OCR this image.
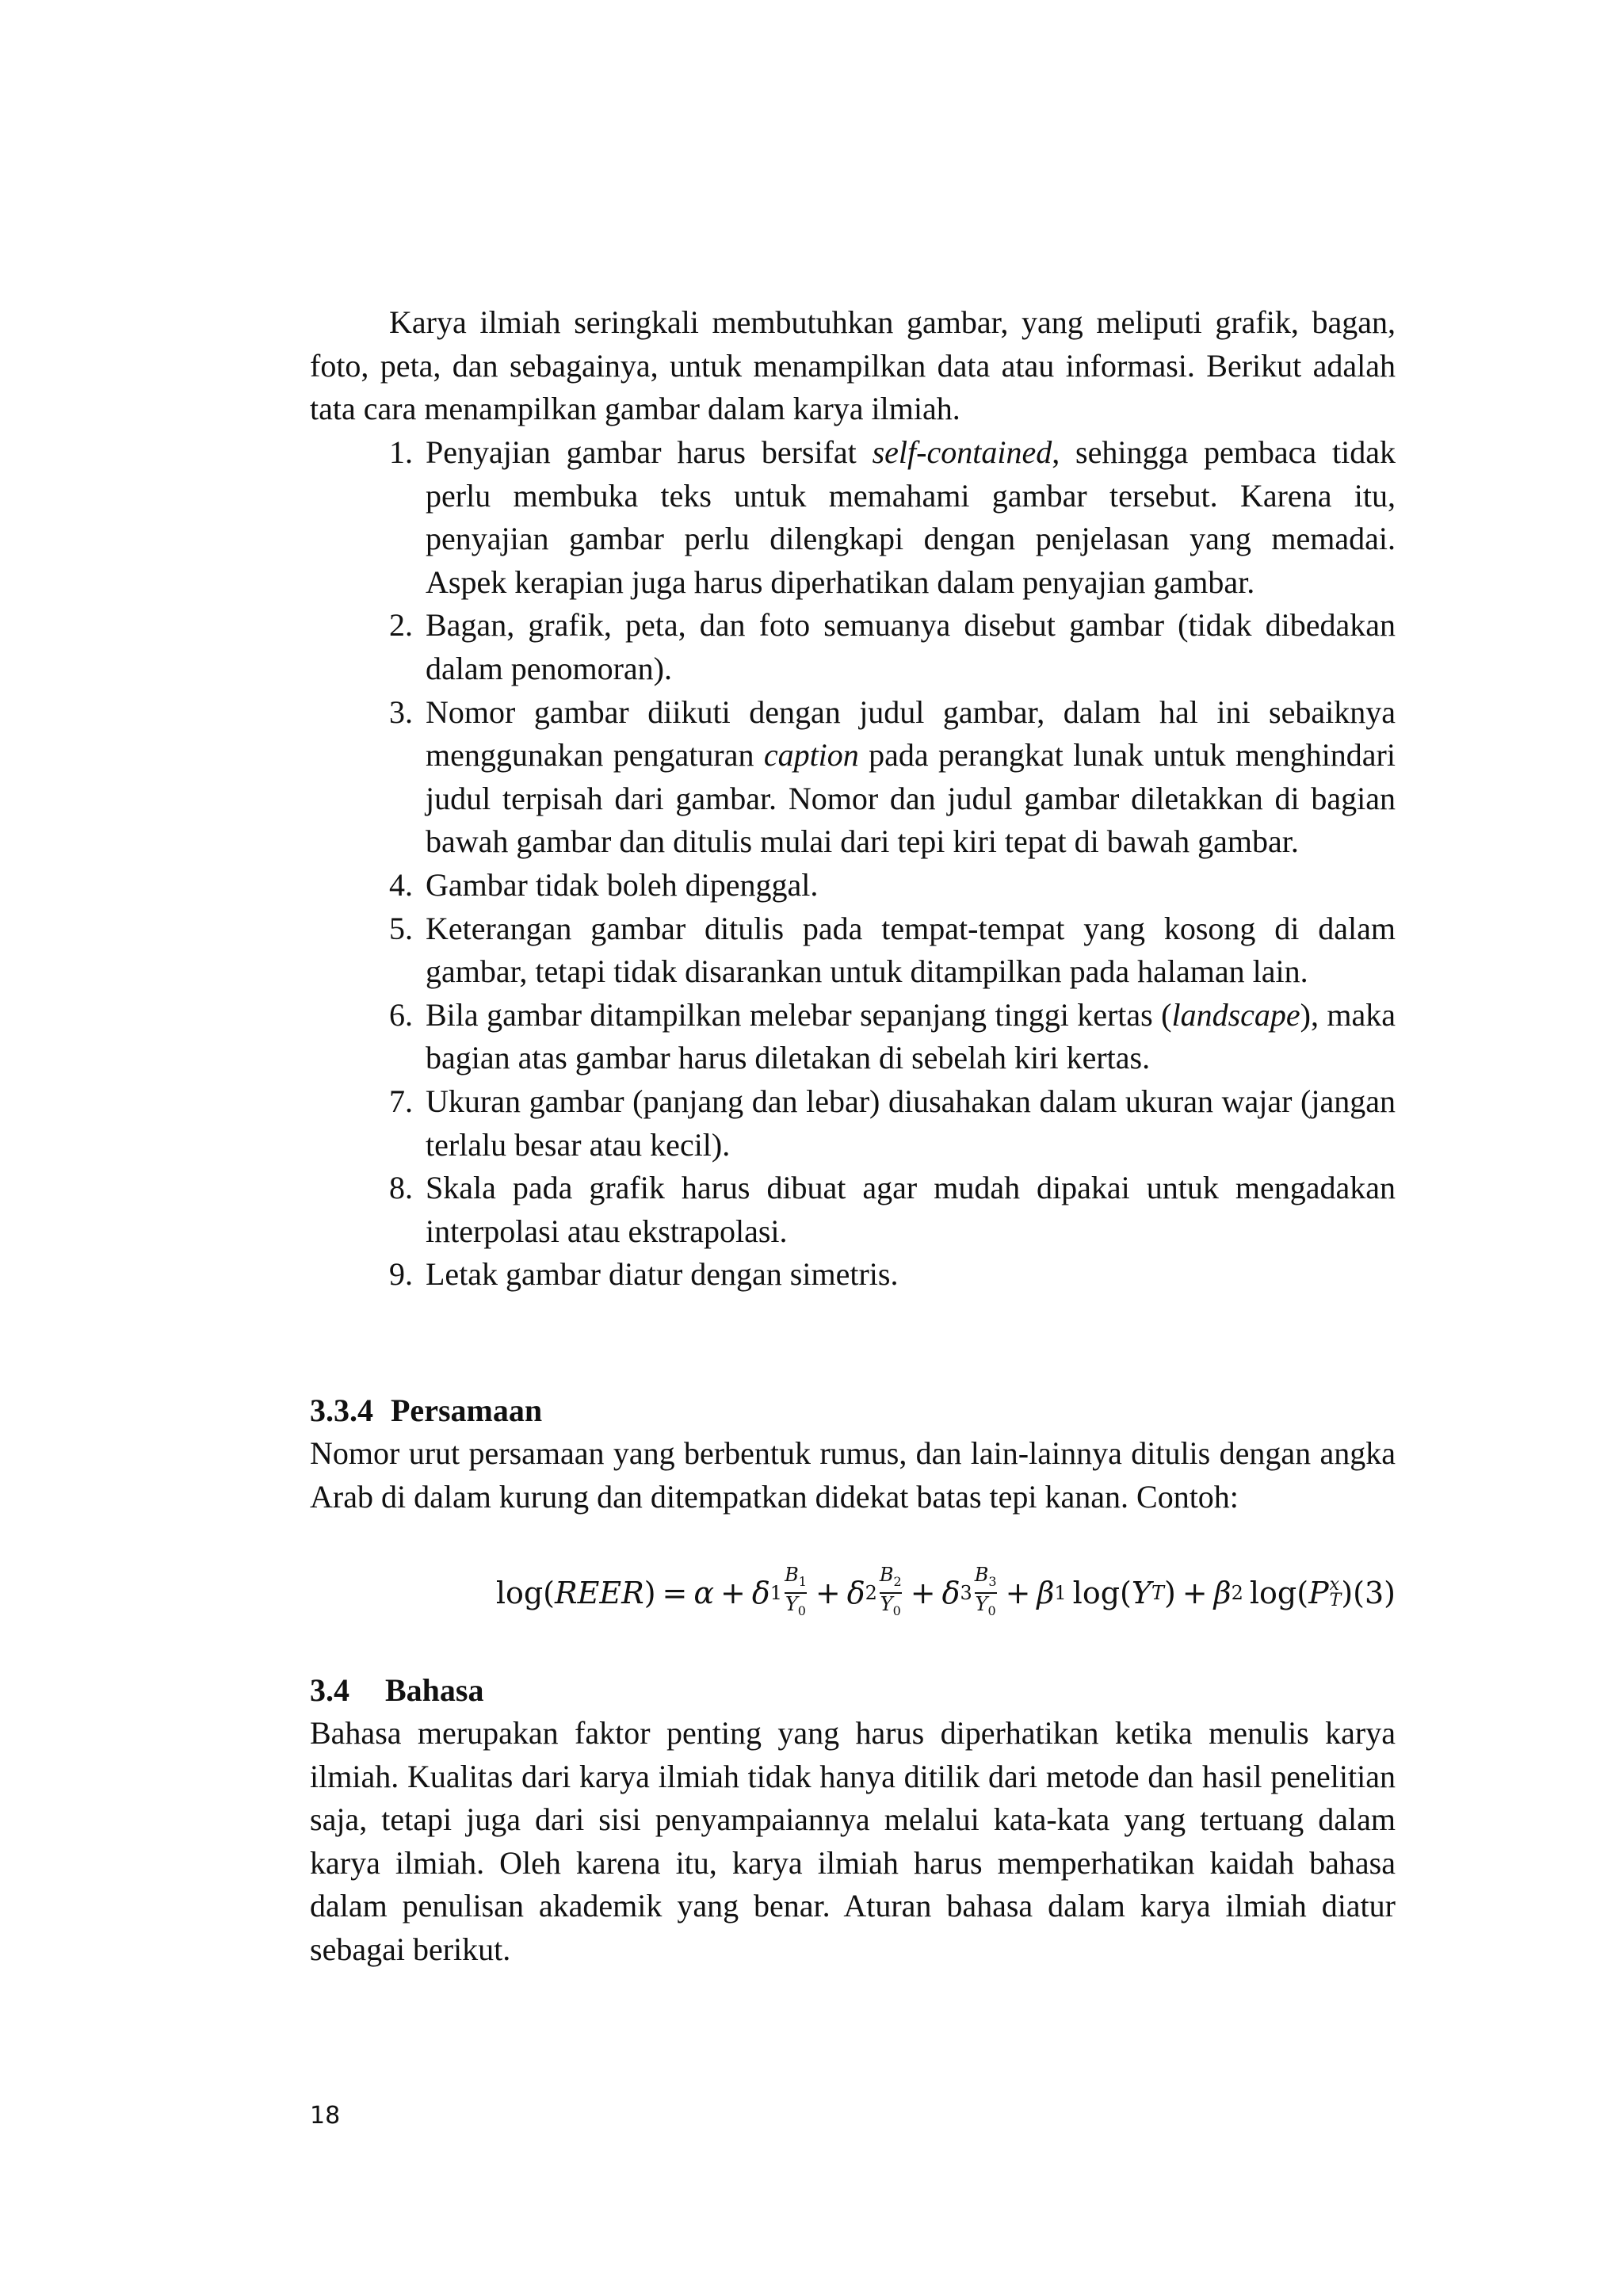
Karya ilmiah seringkali membutuhkan gambar, yang meliputi grafik, bagan, foto, peta, dan sebagainya, untuk menampilkan data atau informasi. Berikut adalah tata cara menampilkan gambar dalam karya ilmiah.

1. Penyajian gambar harus bersifat self-contained, sehingga pembaca tidak perlu membuka teks untuk memahami gambar tersebut. Karena itu, penyajian gambar perlu dilengkapi dengan penjelasan yang memadai. Aspek kerapian juga harus diperhatikan dalam penyajian gambar.
2. Bagan, grafik, peta, dan foto semuanya disebut gambar (tidak dibedakan dalam penomoran).
3. Nomor gambar diikuti dengan judul gambar, dalam hal ini sebaiknya menggunakan pengaturan caption pada perangkat lunak untuk menghindari judul terpisah dari gambar. Nomor dan judul gambar diletakkan di bagian bawah gambar dan ditulis mulai dari tepi kiri tepat di bawah gambar.
4. Gambar tidak boleh dipenggal.
5. Keterangan gambar ditulis pada tempat-tempat yang kosong di dalam gambar, tetapi tidak disarankan untuk ditampilkan pada halaman lain.
6. Bila gambar ditampilkan melebar sepanjang tinggi kertas (landscape), maka bagian atas gambar harus diletakan di sebelah kiri kertas.
7. Ukuran gambar (panjang dan lebar) diusahakan dalam ukuran wajar (jangan terlalu besar atau kecil).
8. Skala pada grafik harus dibuat agar mudah dipakai untuk mengadakan interpolasi atau ekstrapolasi.
9. Letak gambar diatur dengan simetris.
3.3.4 Persamaan

Nomor urut persamaan yang berbentuk rumus, dan lain-lainnya ditulis dengan angka Arab di dalam kurung dan ditempatkan didekat batas tepi kanan. Contoh:

log ( REER ) = α + δ $1 \frac{B_1}{Y_0} + \delta$ $2 \frac{B_2}{Y_0} + \delta$ $3 \frac{B_3}{Y_0} + \beta$ 1 log ( Y T ) + β 2 log ( P x
T ) (3)
3.4 Bahasa

Bahasa merupakan faktor penting yang harus diperhatikan ketika menulis karya ilmiah. Kualitas dari karya ilmiah tidak hanya ditilik dari metode dan hasil penelitian saja, tetapi juga dari sisi penyampaiannya melalui kata-kata yang tertuang dalam karya ilmiah. Oleh karena itu, karya ilmiah harus memperhatikan kaidah bahasa dalam penulisan akademik yang benar. Aturan bahasa dalam karya ilmiah diatur sebagai berikut.

18
